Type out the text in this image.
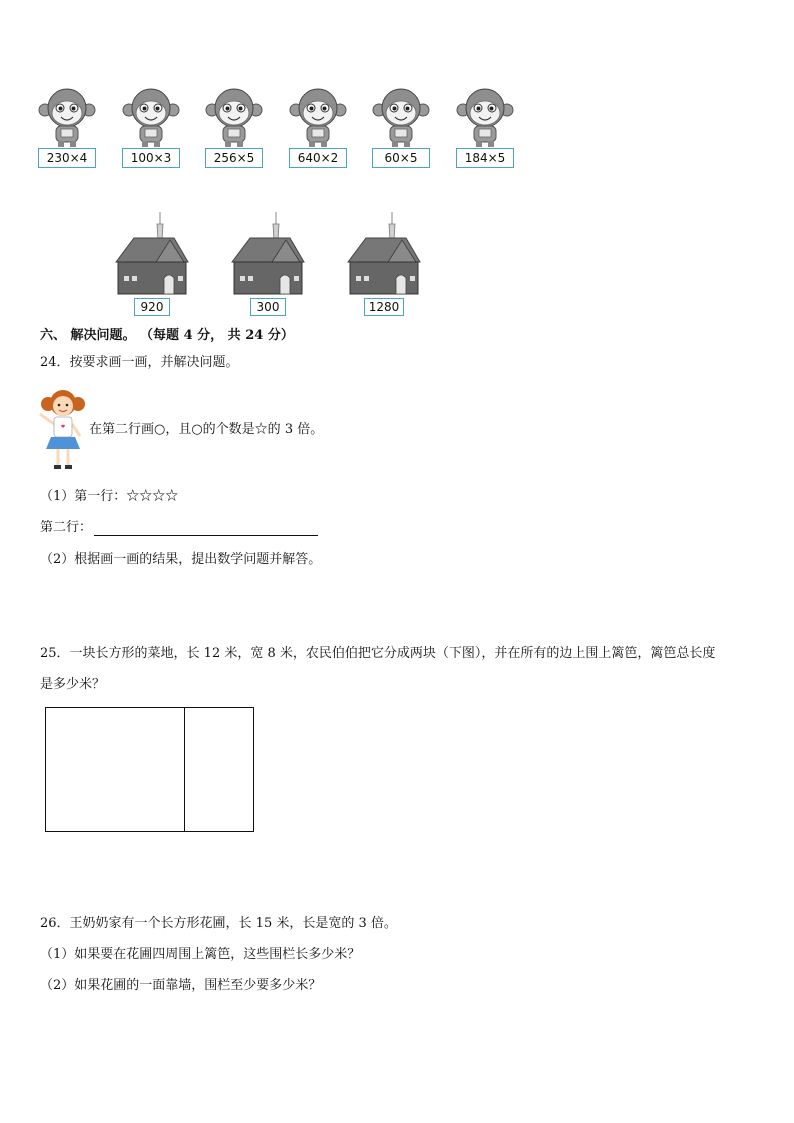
230×4	100×3	256×5	640×2	60×5	184×5
920	300	1280
六、 解决问题。 （每题 4 分， 共 24 分）
24．按要求画一画，并解决问题。
在第二行画○，且○的个数是☆的 3 倍。
（1）第一行：☆☆☆☆
第二行：
（2）根据画一画的结果，提出数学问题并解答。
25．一块长方形的菜地，长 12 米，宽 8 米，农民伯伯把它分成两块（下图），并在所有的边上围上篱笆，篱笆总长度
是多少米？
26．王奶奶家有一个长方形花圃，长 15 米，长是宽的 3 倍。
（1）如果要在花圃四周围上篱笆，这些围栏长多少米？
（2）如果花圃的一面靠墙，围栏至少要多少米？
